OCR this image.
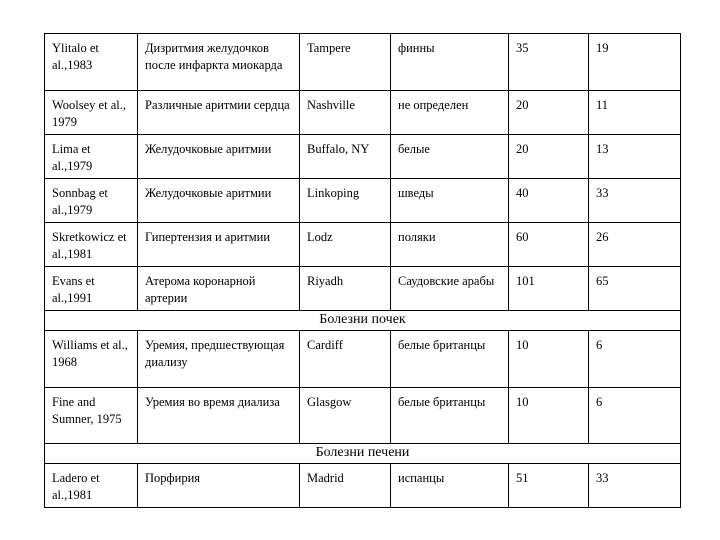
Ylitalo et al.,1983	Дизритмия желудочков после инфаркта миокарда	Tampere	финны	35	19
Woolsey et al., 1979	Различные аритмии сердца	Nashville	не определен	20	11
Lima et al.,1979	Желудочковые аритмии	Buffalo, NY	белые	20	13
Sonnbag et al.,1979	Желудочковые аритмии	Linkoping	шведы	40	33
Skretkowicz et al.,1981	Гипертензия и аритмии	Lodz	поляки	60	26
Evans et al.,1991	Атерома коронарной артерии	Riyadh	Саудовские арабы	101	65
Болезни почек					
Williams et al., 1968	Уремия, предшествующая диализу	Cardiff	белые британцы	10	6
Fine and Sumner, 1975	Уремия во время диализа	Glasgow	белые британцы	10	6
Болезни печени					
Ladero et al.,1981	Порфирия	Madrid	испанцы	51	33
